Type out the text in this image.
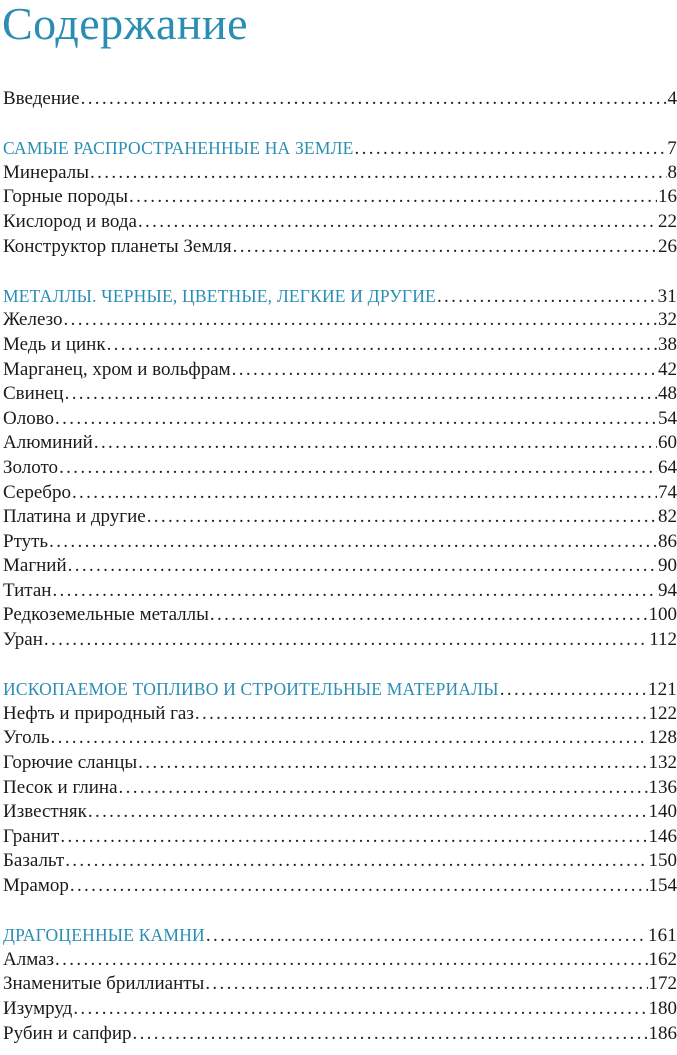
Содержание
Введение . . .	4
САМЫЕ РАСПРОСТРАНЕННЫЕ НА ЗЕМЛЕ . . .	7
Минералы . . .	8
Горные породы . . .	16
Кислород и вода . . .	22
Конструктор планеты Земля . . .	26
МЕТАЛЛЫ. ЧЕРНЫЕ, ЦВЕТНЫЕ, ЛЕГКИЕ И ДРУГИЕ . . .	31
Железо . . .	32
Медь и цинк . . .	38
Марганец, хром и вольфрам . . .	42
Свинец . . .	48
Олово . . .	54
Алюминий . . .	60
Золото . . .	64
Серебро . . .	74
Платина и другие . . .	82
Ртуть . . .	86
Магний . . .	90
Титан . . .	94
Редкоземельные металлы . . .	100
Уран . . .	112
ИСКОПАЕМОЕ ТОПЛИВО И СТРОИТЕЛЬНЫЕ МАТЕРИАЛЫ . . .	121
Нефть и природный газ . . .	122
Уголь . . .	128
Горючие сланцы . . .	132
Песок и глина . . .	136
Известняк . . .	140
Гранит . . .	146
Базальт . . .	150
Мрамор . . .	154
ДРАГОЦЕННЫЕ КАМНИ . . .	161
Алмаз . . .	162
Знаменитые бриллианты . . .	172
Изумруд . . .	180
Рубин и сапфир . . .	186
